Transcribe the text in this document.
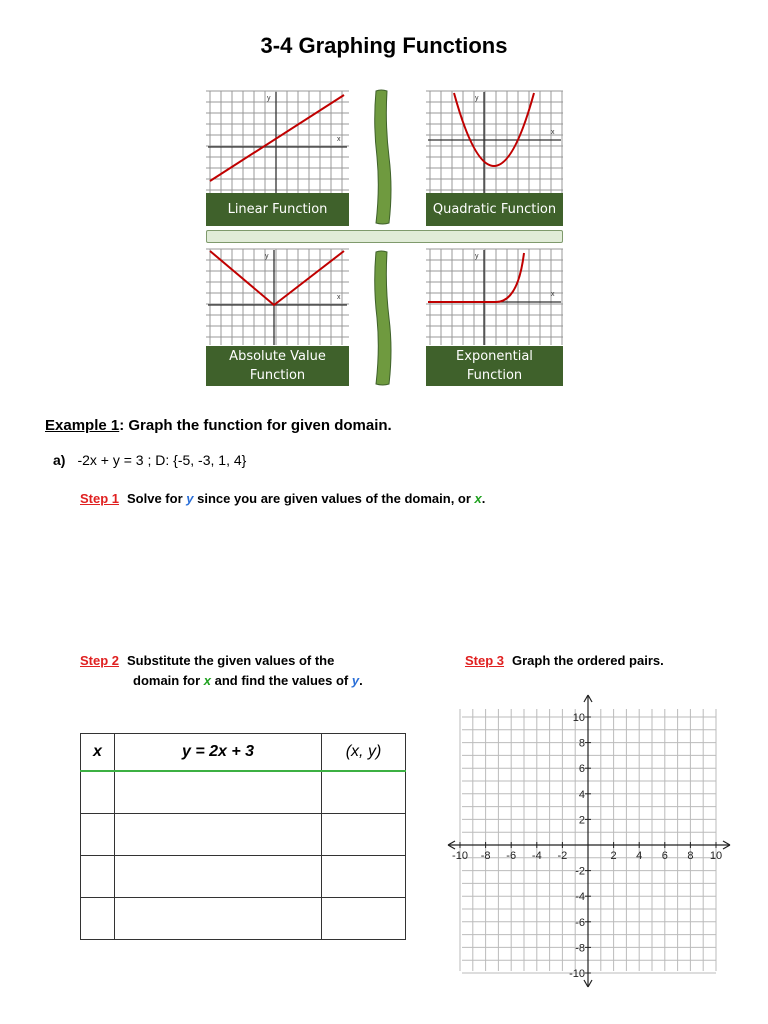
3-4 Graphing Functions
x
y
Linear Function
x
y
Quadratic Function
x
y
Absolute Value
Function
x
y
Exponential
Function
Example 1: Graph the function for given domain.
a) -2x + y = 3 ; D: {-5, -3, 1, 4}
Step 1 Solve for y since you are given values of the domain, or x.
Step 2 Substitute the given values of the
domain for x and find the values of y.
Step 3 Graph the ordered pairs.
x	y = 2x + 3	(x, y)

-10 -8 -6 -4 -2	2 4 6 8 10
10
8
6
4
2
-2
-4
-6
-8
-10
